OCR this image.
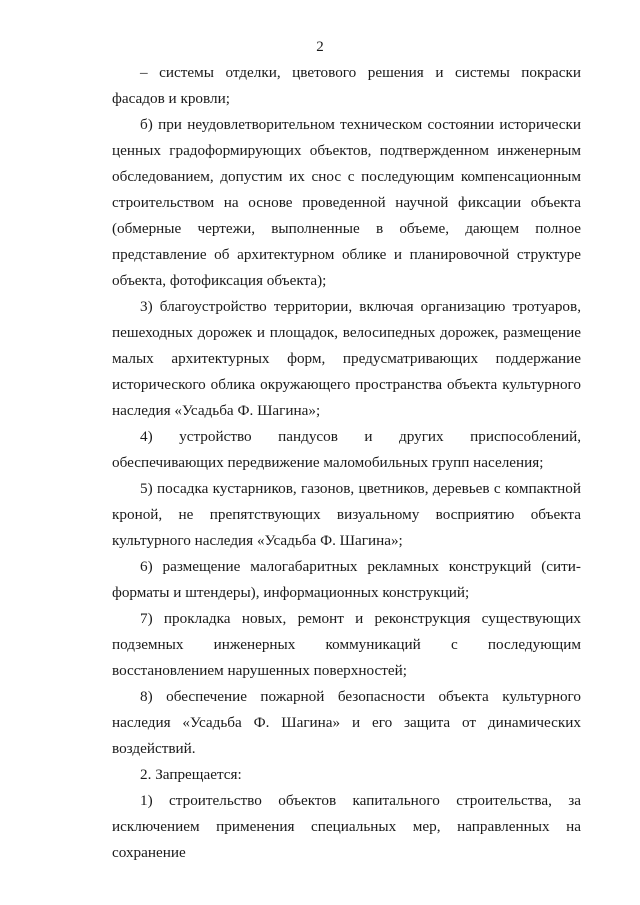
2

– системы отделки, цветового решения и системы покраски фасадов и кровли;

б) при неудовлетворительном техническом состоянии исторически ценных градоформирующих объектов, подтвержденном инженерным обследованием, допустим их снос с последующим компенсационным строительством на основе проведенной научной фиксации объекта (обмерные чертежи, выполненные в объеме, дающем полное представление об архитектурном облике и планировочной структуре объекта, фотофиксация объекта);

3) благоустройство территории, включая организацию тротуаров, пешеходных дорожек и площадок, велосипедных дорожек, размещение малых архитектурных форм, предусматривающих поддержание исторического облика окружающего пространства объекта культурного наследия «Усадьба Ф. Шагина»;

4) устройство пандусов и других приспособлений, обеспечивающих передвижение маломобильных групп населения;

5) посадка кустарников, газонов, цветников, деревьев с компактной кроной, не препятствующих визуальному восприятию объекта культурного наследия «Усадьба Ф. Шагина»;

6) размещение малогабаритных рекламных конструкций (сити-форматы и штендеры), информационных конструкций;

7) прокладка новых, ремонт и реконструкция существующих подземных инженерных коммуникаций с последующим восстановлением нарушенных поверхностей;

8) обеспечение пожарной безопасности объекта культурного наследия «Усадьба Ф. Шагина» и его защита от динамических воздействий.

2. Запрещается:

1) строительство объектов капитального строительства, за исключением применения специальных мер, направленных на сохранение
